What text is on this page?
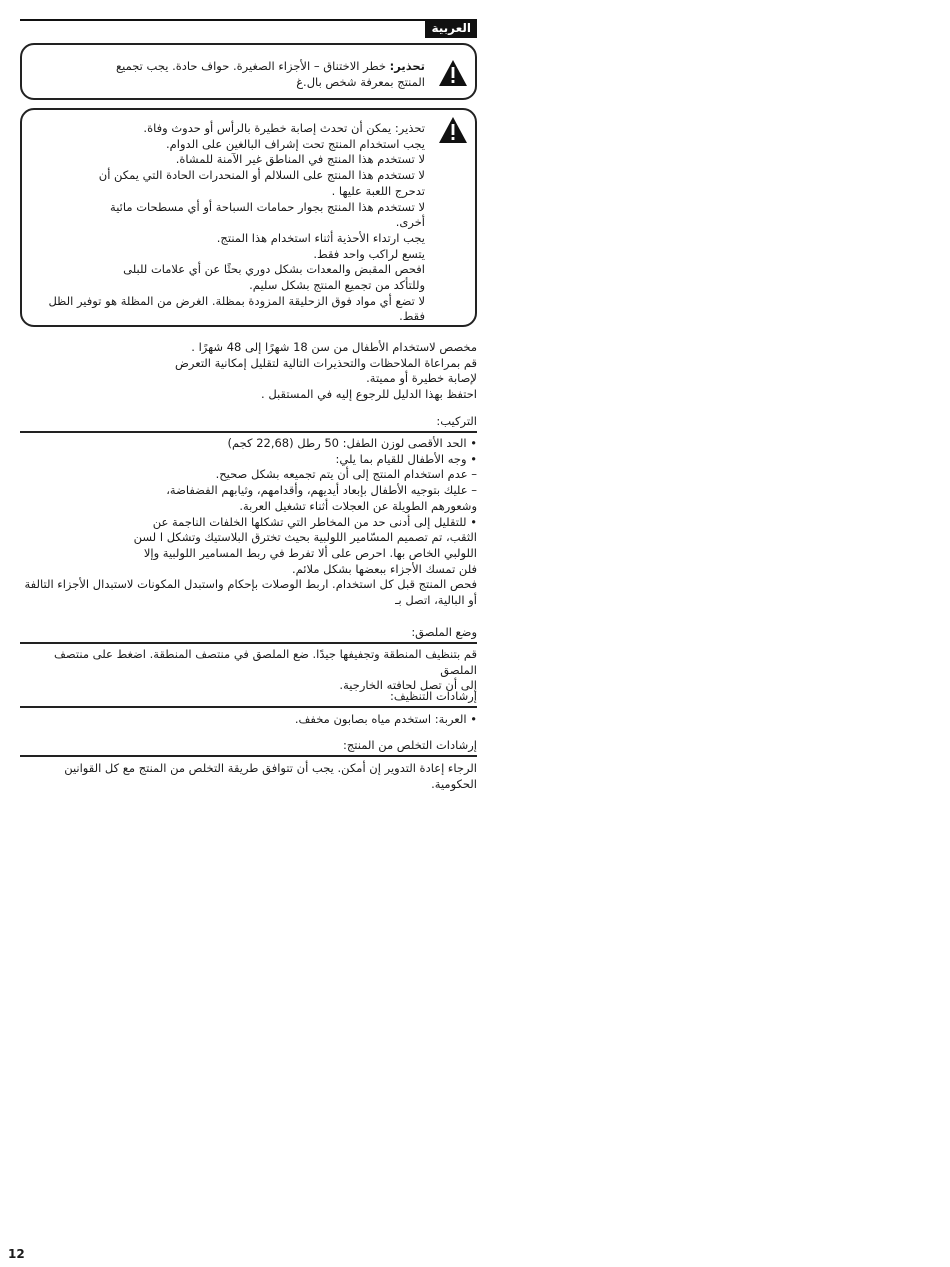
العربية
تحذير: خطر الاختناق – الأجزاء الصغيرة. حواف حادة. يجب تجميع
المنتج بمعرفة شخص بال.غ
تحذير: يمكن أن تحدث إصابة خطيرة بالرأس أو حدوث وفاة.
يجب استخدام المنتج تحت إشراف البالغين على الدوام.
لا تستخدم هذا المنتج في المناطق غير الآمنة للمشاة.
لا تستخدم هذا المنتج على السلالم أو المنحدرات الحادة التي يمكن أن
تدحرج اللعبة عليها .
لا تستخدم هذا المنتج بجوار حمامات السباحة أو أي مسطحات مائية
أخرى.
يجب ارتداء الأحذية أثناء استخدام هذا المنتج.
يتسع لراكب واحد فقط.
افحص المقبض والمعدات بشكل دوري بحثًا عن أي علامات للبلى
وللتأكد من تجميع المنتج بشكل سليم.
لا تضع أي مواد فوق الزحليقة المزودة بمظلة. الغرض من المظلة هو توفير الظل فقط.
مخصص لاستخدام الأطفال من سن 18 شهرًا إلى 48 شهرًا .
قم بمراعاة الملاحظات والتحذيرات التالية لتقليل إمكانية التعرض
لإصابة خطيرة أو مميتة.
احتفظ بهذا الدليل للرجوع إليه في المستقبل .
التركيب:
• الحد الأقصى لوزن الطفل: 50 رطل (22,68 كجم)
• وجه الأطفال للقيام بما يلي:
– عدم استخدام المنتج إلى أن يتم تجميعه بشكل صحيح.
– عليك بتوجيه الأطفال بإبعاد أيديهم، وأقدامهم، وثيابهم الفضفاضة،
وشعورهم الطويلة عن العجلات أثناء تشغيل العربة.
• للتقليل إلى أدنى حد من المخاطر التي تشكلها الخلفات الناجمة عن
الثقب، تم تصميم المسّامير اللولبية بحيث تخترق البلاستيك وتشكل ا لسن
اللولبي الخاص بها. احرص على ألا تفرط في ربط المسامير اللولبية وإلا
فلن تمسك الأجزاء ببعضها بشكل ملائم.
فحص المنتج قبل كل استخدام. اربط الوصلات بإحكام واستبدل المكونات لاستبدال الأجزاء التالفة
أو البالية، اتصل بـ
وضع الملصق:
قم بتنظيف المنطقة وتجفيفها جيدًا. ضع الملصق في منتصف المنطقة. اضغط على منتصف الملصق
إلى أن تصل لحافته الخارجية.
إرشادات التنظيف:
• العربة: استخدم مياه بصابون مخفف.
إرشادات التخلص من المنتج:
الرجاء إعادة التدوير إن أمكن. يجب أن تتوافق طريقة التخلص من المنتج مع كل القوانين الحكومية.
12
